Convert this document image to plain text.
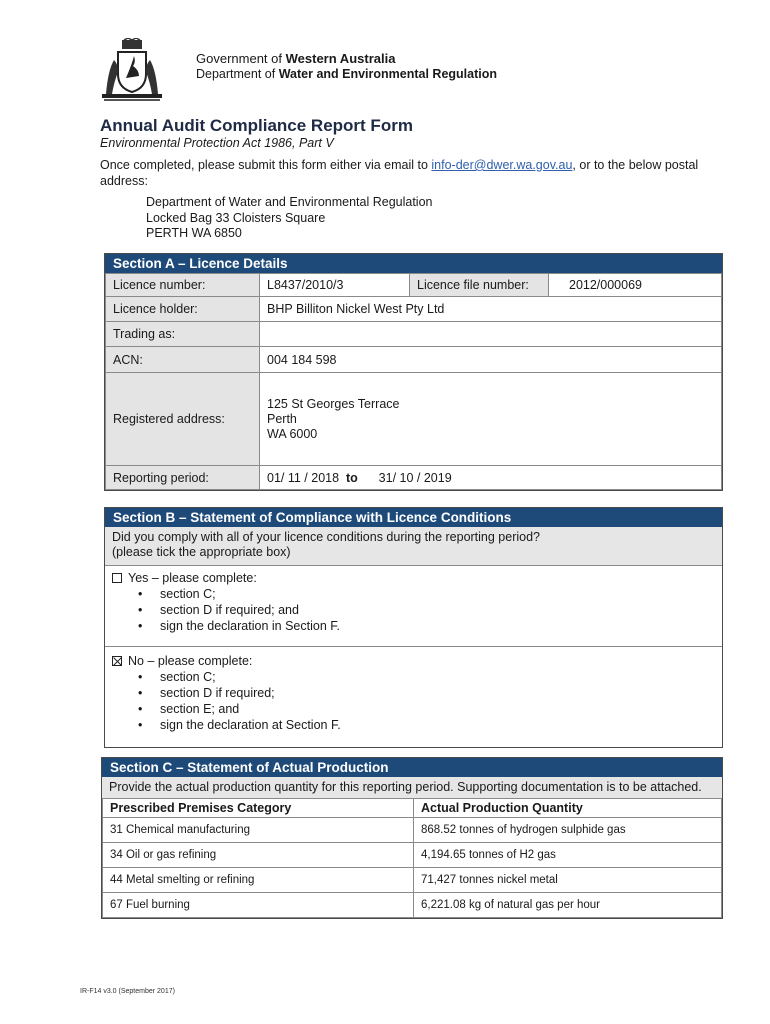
Government of Western Australia
Department of Water and Environmental Regulation
Annual Audit Compliance Report Form
Environmental Protection Act 1986, Part V
Once completed, please submit this form either via email to info-der@dwer.wa.gov.au, or to the below postal address:
Department of Water and Environmental Regulation
Locked Bag 33 Cloisters Square
PERTH WA 6850
Section A – Licence Details
Licence number:	L8437/2010/3	Licence file number:	2012/000069
Licence holder:	BHP Billiton Nickel West Pty Ltd		
Trading as:			
ACN:	004 184 598		
Registered address:	125 St Georges Terrace
Perth
WA 6000		

Reporting period:	01/ 11 / 2018 to 31/ 10 / 2019		
Section B – Statement of Compliance with Licence Conditions
Did you comply with all of your licence conditions during the reporting period?
(please tick the appropriate box)
Yes – please complete:
• section C;
• section D if required; and
• sign the declaration in Section F.
No – please complete:
• section C;
• section D if required;
• section E; and
• sign the declaration at Section F.
Section C – Statement of Actual Production
Provide the actual production quantity for this reporting period. Supporting documentation is to be attached.
Prescribed Premises Category	Actual Production Quantity
31 Chemical manufacturing	868.52 tonnes of hydrogen sulphide gas
34 Oil or gas refining	4,194.65 tonnes of H2 gas
44 Metal smelting or refining	71,427 tonnes nickel metal
67 Fuel burning	6,221.08 kg of natural gas per hour
IR-F14 v3.0 (September 2017)
